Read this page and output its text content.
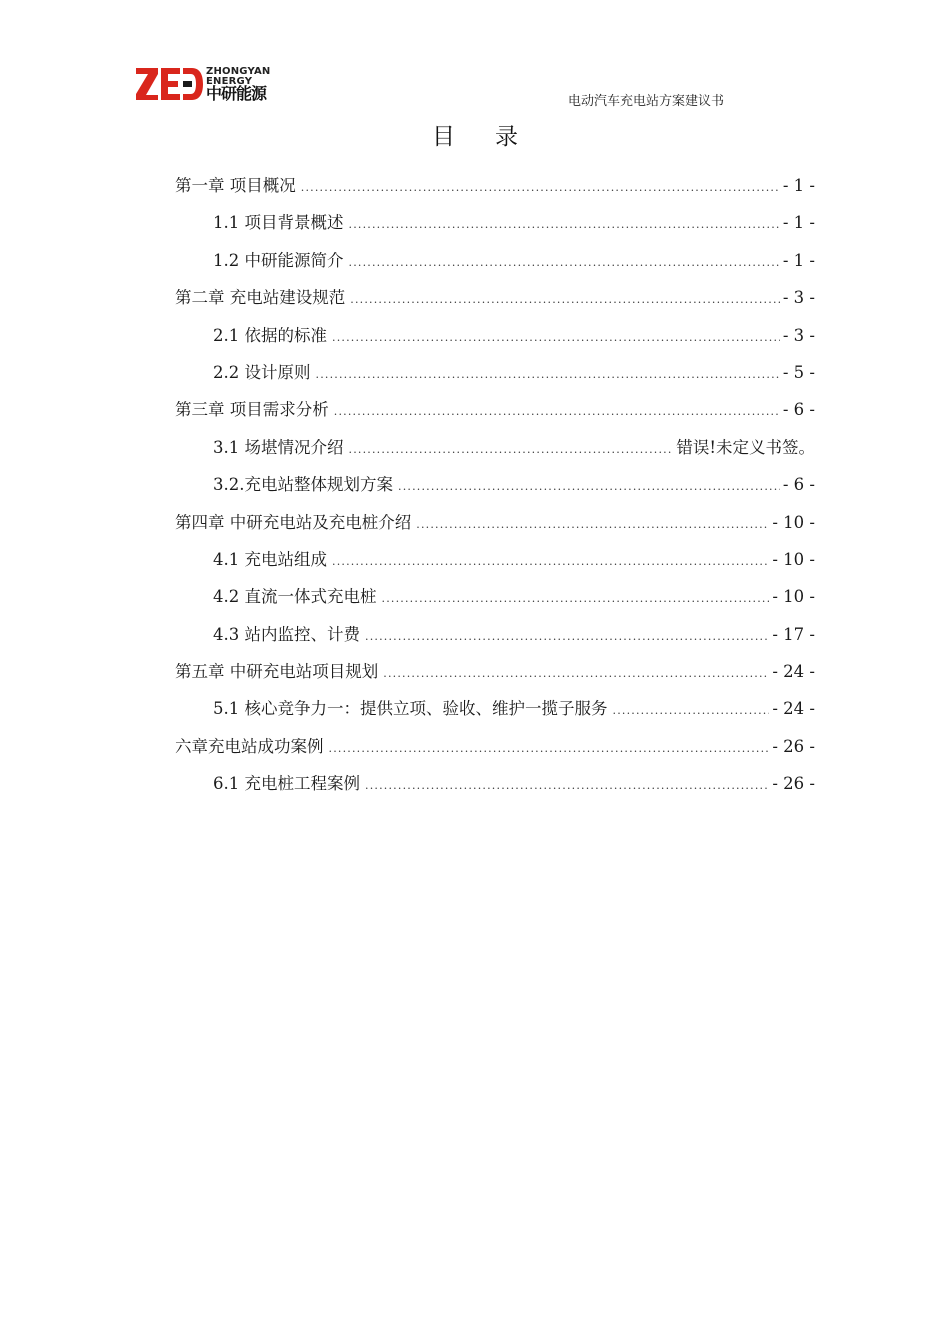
ZHONGYAN
ENERGY
中研能源	电动汽车充电站方案建议书
目录
第一章 项目概况 .....	- 1 -
1.1 项目背景概述 .....	- 1 -
1.2 中研能源简介 .....	- 1 -
第二章 充电站建设规范 .....	- 3 -
2.1 依据的标准 .....	- 3 -
2.2 设计原则 .....	- 5 -
第三章 项目需求分析 .....	- 6 -
3.1 场堪情况介绍 .....	错误!未定义书签。
3.2.充电站整体规划方案 .....	- 6 -
第四章 中研充电站及充电桩介绍 .....	- 10 -
4.1 充电站组成 .....	- 10 -
4.2 直流一体式充电桩 .....	- 10 -
4.3 站内监控、计费 .....	- 17 -
第五章 中研充电站项目规划 .....	- 24 -
5.1 核心竞争力一：提供立项、验收、维护一揽子服务 .....	- 24 -
六章充电站成功案例 .....	- 26 -
6.1 充电桩工程案例 .....	- 26 -
